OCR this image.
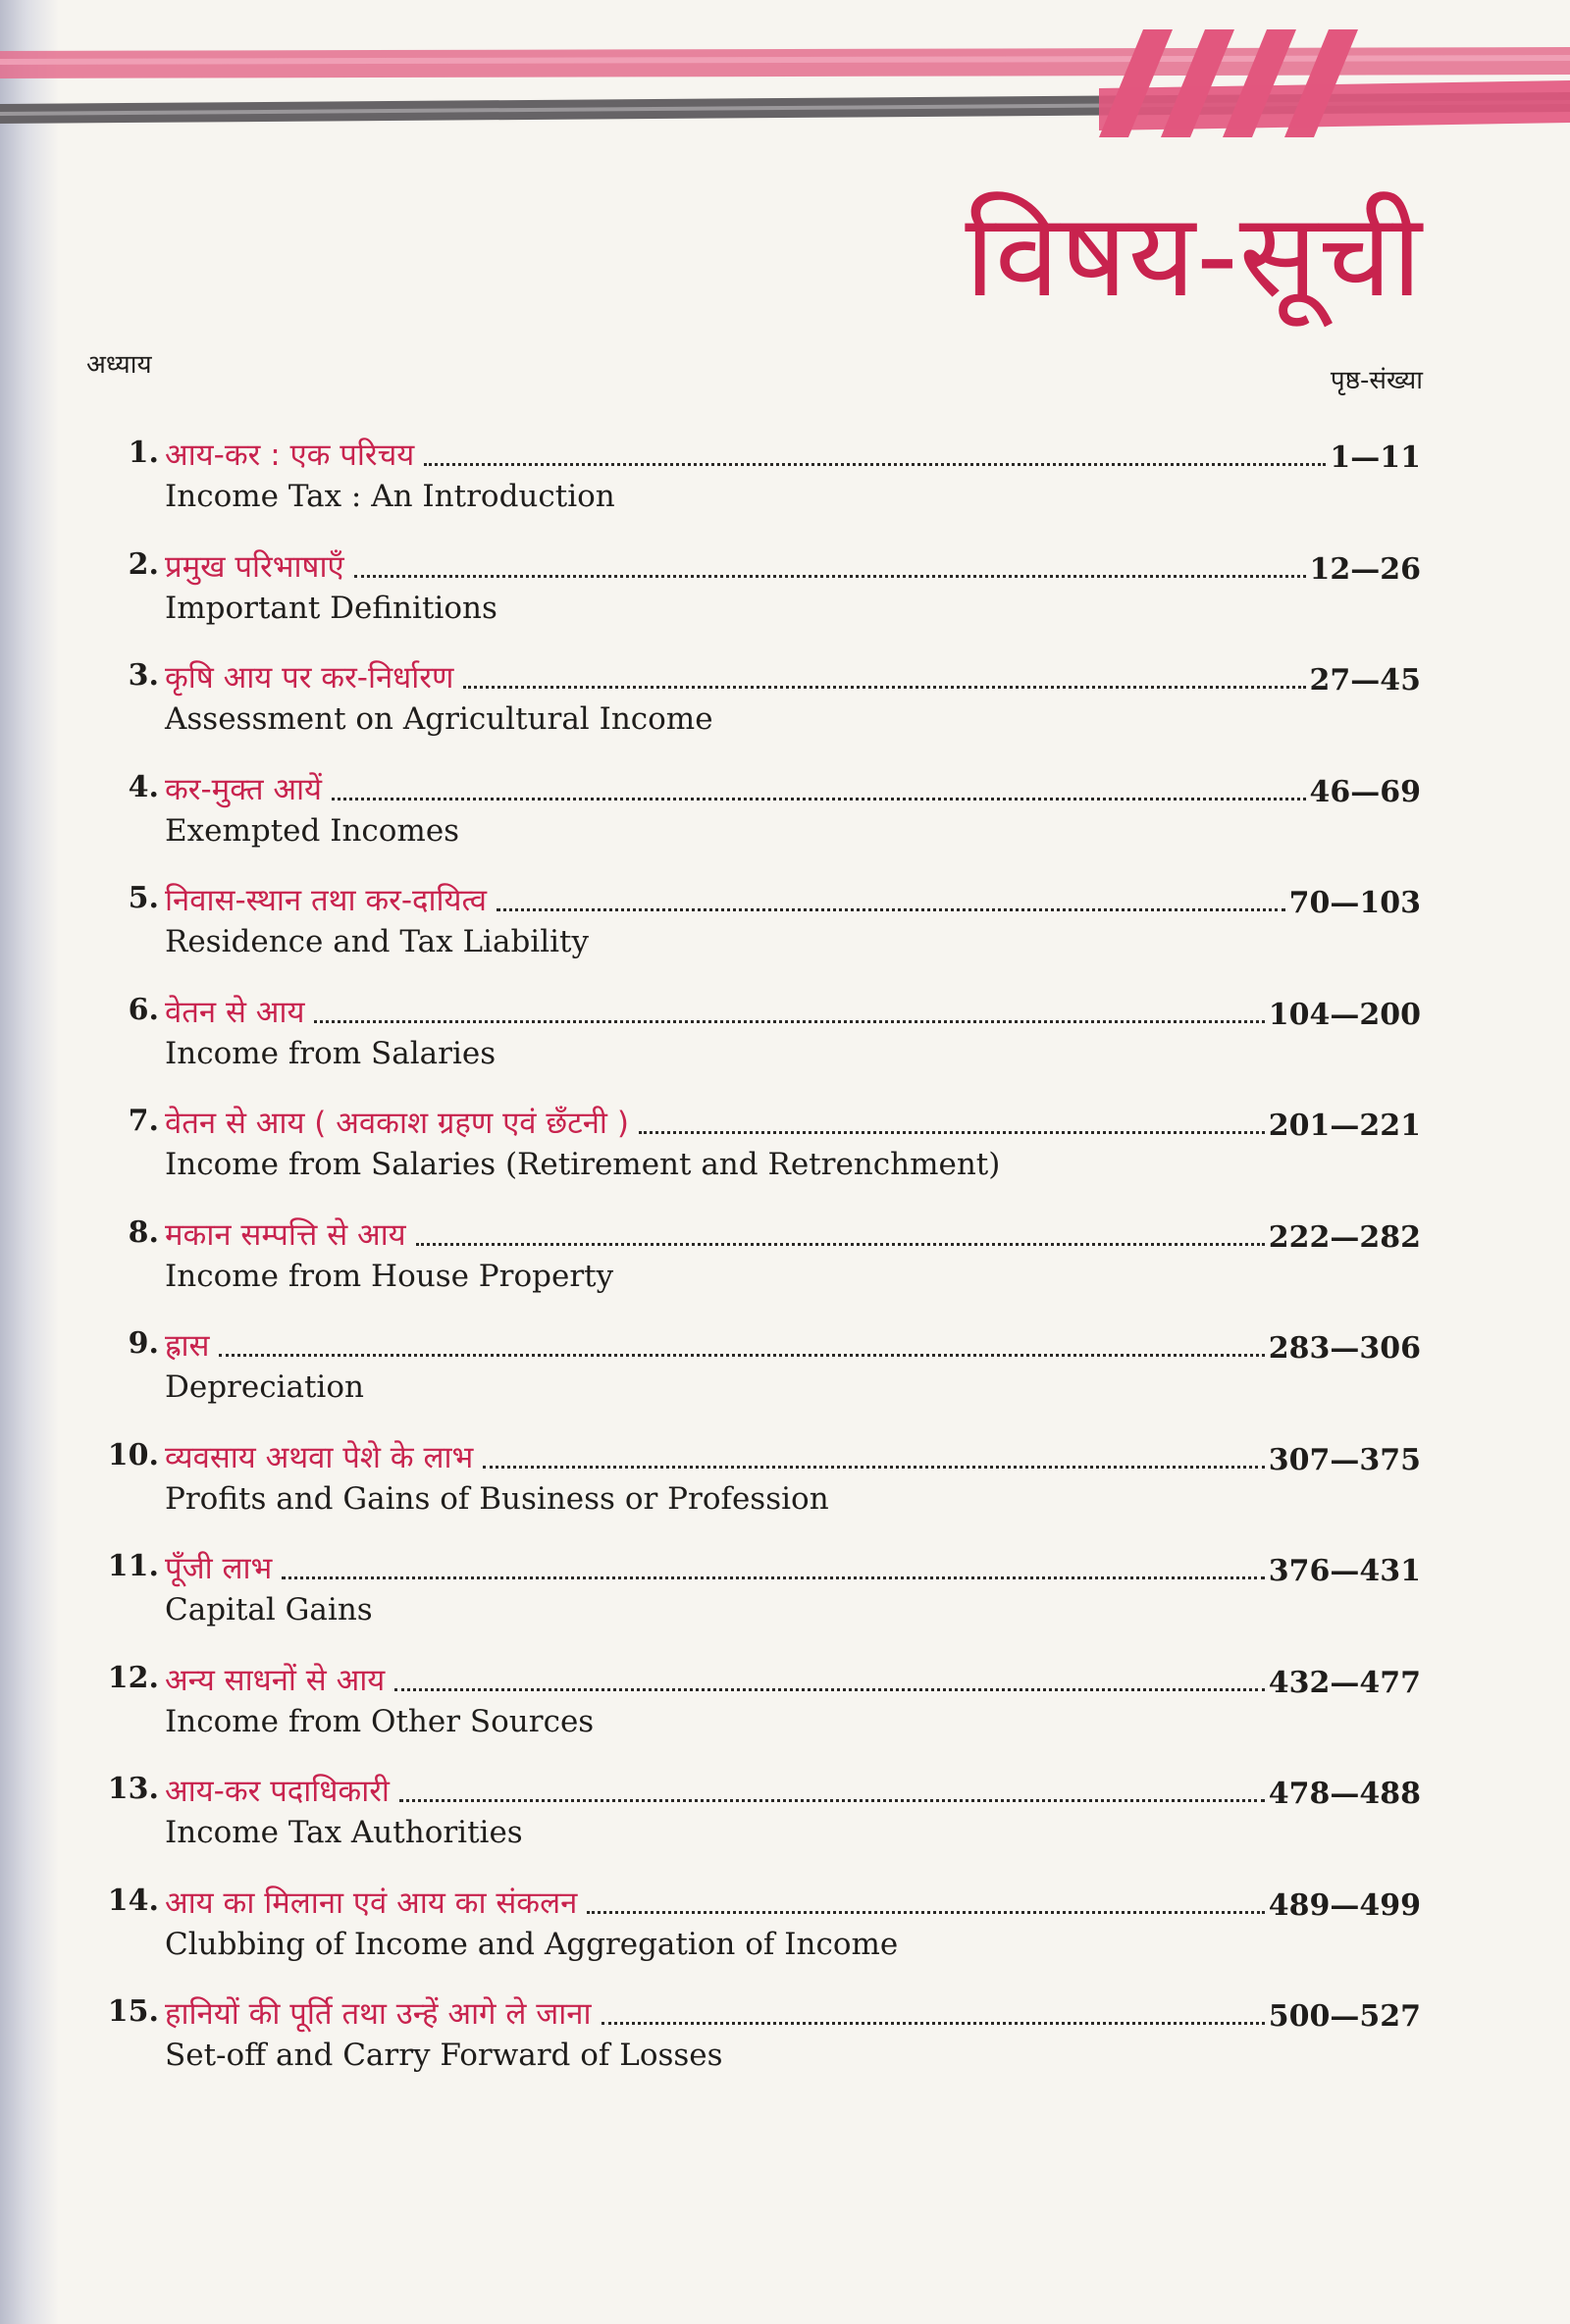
विषय-सूची
अध्याय
पृष्ठ-संख्या
1. आय-कर : एक परिचय	1—11
Income Tax : An Introduction
2. प्रमुख परिभाषाएँ	12—26
Important Definitions
3. कृषि आय पर कर-निर्धारण	27—45
Assessment on Agricultural Income
4. कर-मुक्त आयें	46—69
Exempted Incomes
5. निवास-स्थान तथा कर-दायित्व	70—103
Residence and Tax Liability
6. वेतन से आय	104—200
Income from Salaries
7. वेतन से आय ( अवकाश ग्रहण एवं छँटनी )	201—221
Income from Salaries (Retirement and Retrenchment)
8. मकान सम्पत्ति से आय	222—282
Income from House Property
9. ह्रास	283—306
Depreciation
10. व्यवसाय अथवा पेशे के लाभ	307—375
Profits and Gains of Business or Profession
11. पूँजी लाभ	376—431
Capital Gains
12. अन्य साधनों से आय	432—477
Income from Other Sources
13. आय-कर पदाधिकारी	478—488
Income Tax Authorities
14. आय का मिलाना एवं आय का संकलन	489—499
Clubbing of Income and Aggregation of Income
15. हानियों की पूर्ति तथा उन्हें आगे ले जाना	500—527
Set-off and Carry Forward of Losses
